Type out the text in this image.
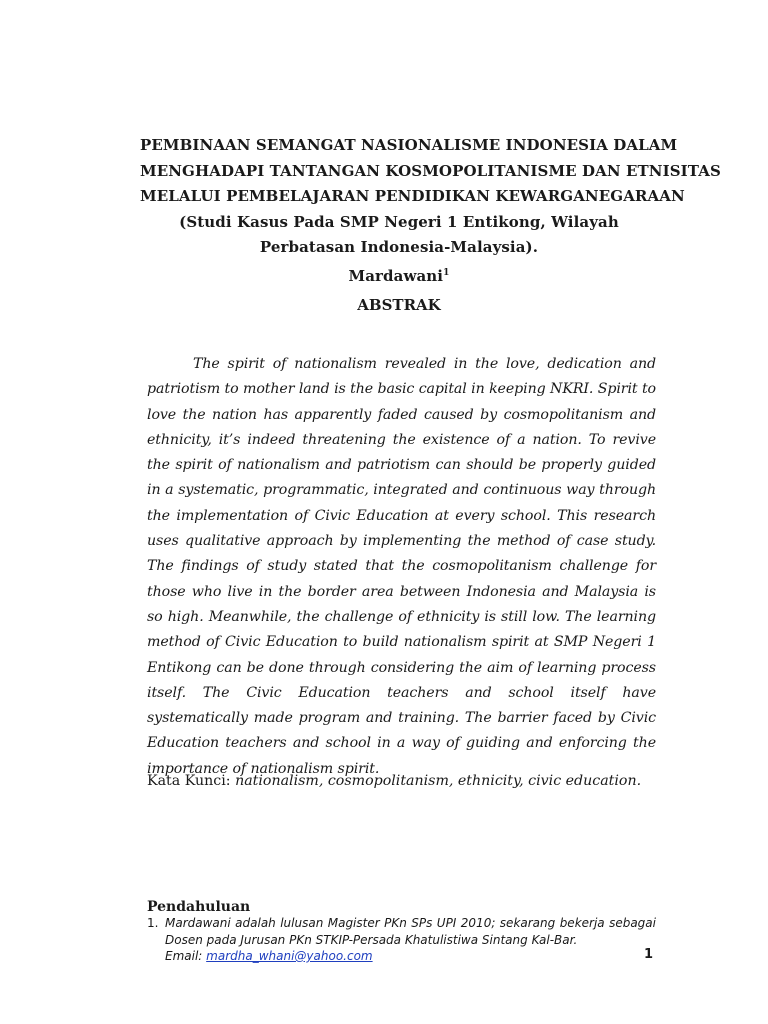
PEMBINAAN SEMANGAT NASIONALISME INDONESIA DALAM
MENGHADAPI TANTANGAN KOSMOPOLITANISME DAN ETNISITAS
MELALUI PEMBELAJARAN PENDIDIKAN KEWARGANEGARAAN
(Studi Kasus Pada SMP Negeri 1 Entikong, Wilayah Perbatasan Indonesia-Malaysia).
Mardawani$^1$
ABSTRAK
The spirit of nationalism revealed in the love, dedication and patriotism to mother land is the basic capital in keeping NKRI. Spirit to love the nation has apparently faded caused by cosmopolitanism and ethnicity, it’s indeed threatening the existence of a nation. To revive the spirit of nationalism and patriotism can should be properly guided in a systematic, programmatic, integrated and continuous way through the implementation of Civic Education at every school. This research uses qualitative approach by implementing the method of case study. The findings of study stated that the cosmopolitanism challenge for those who live in the border area between Indonesia and Malaysia is so high. Meanwhile, the challenge of ethnicity is still low. The learning method of Civic Education to build nationalism spirit at SMP Negeri 1 Entikong can be done through considering the aim of learning process itself. The Civic Education teachers and school itself have systematically made program and training. The barrier faced by Civic Education teachers and school in a way of guiding and enforcing the importance of nationalism spirit.
Kata Kunci: nationalism, cosmopolitanism, ethnicity, civic education.
Pendahuluan
1. Mardawani adalah lulusan Magister PKn SPs UPI 2010; sekarang bekerja sebagai Dosen pada Jurusan PKn STKIP-Persada Khatulistiwa Sintang Kal-Bar.
Email: mardha_whani@yahoo.com	1
